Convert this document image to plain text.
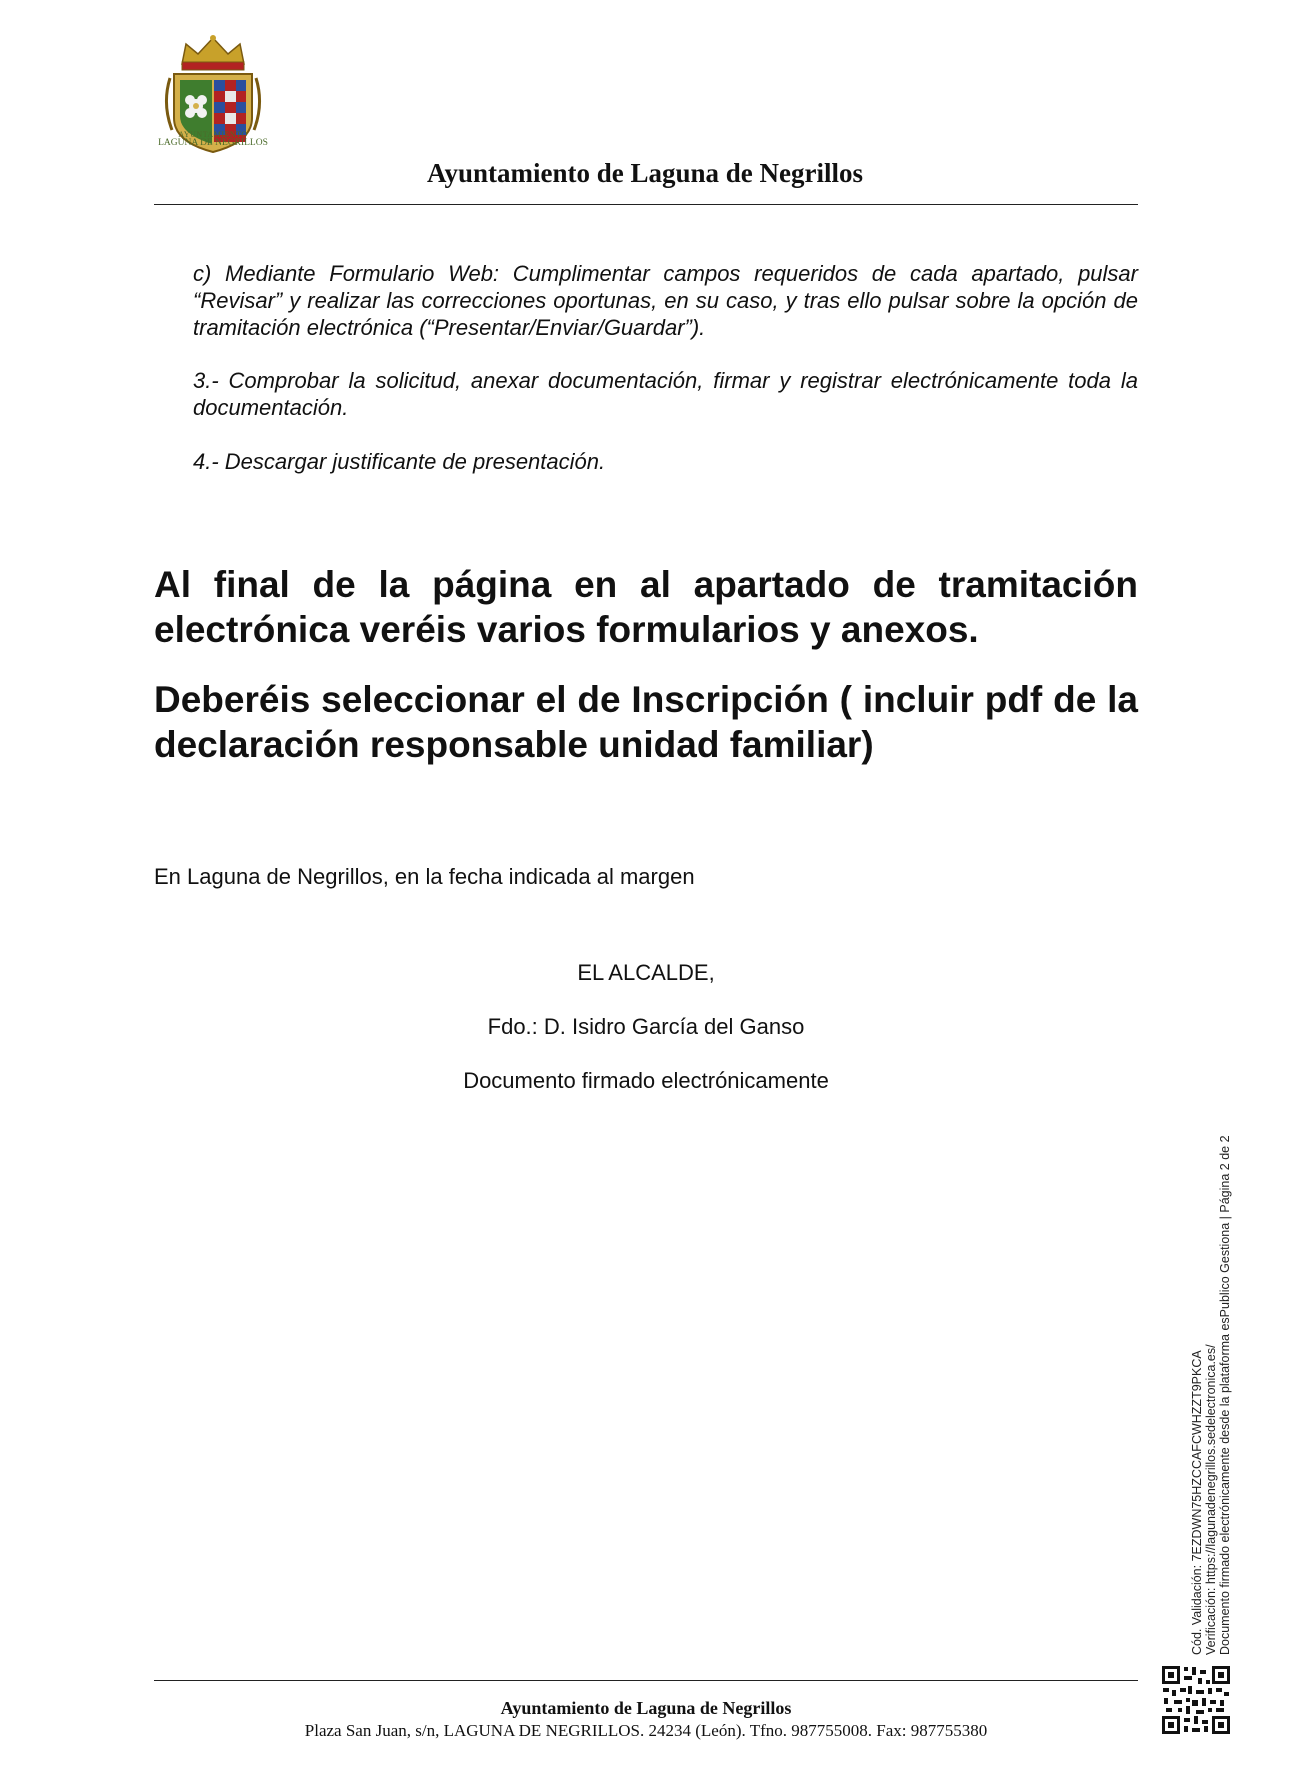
AYUNTAMIENTO
LAGUNA DE NEGRILLOS
Ayuntamiento de Laguna de Negrillos

c) Mediante Formulario Web: Cumplimentar campos requeridos de cada apartado, pulsar “Revisar” y realizar las correcciones oportunas, en su caso, y tras ello pulsar sobre la opción de tramitación electrónica (“Presentar/Enviar/Guardar”).

3.- Comprobar la solicitud, anexar documentación, firmar y registrar electrónicamente toda la documentación.

4.- Descargar justificante de presentación.

Al final de la página en al apartado de tramitación electrónica veréis varios formularios y anexos.

Deberéis seleccionar el de Inscripción ( incluir pdf de la declaración responsable unidad familiar)

En Laguna de Negrillos, en la fecha indicada al margen

EL ALCALDE,

Fdo.: D. Isidro García del Ganso

Documento firmado electrónicamente

Cód. Validación: 7EZDWN75HZCCAFCWHZZT9PKCA Verificación: https://lagunadenegrillos.sedelectronica.es/ Documento firmado electrónicamente desde la plataforma esPublico Gestiona | Página 2 de 2
Ayuntamiento de Laguna de Negrillos
Plaza San Juan, s/n, LAGUNA DE NEGRILLOS. 24234 (León). Tfno. 987755008. Fax: 987755380
